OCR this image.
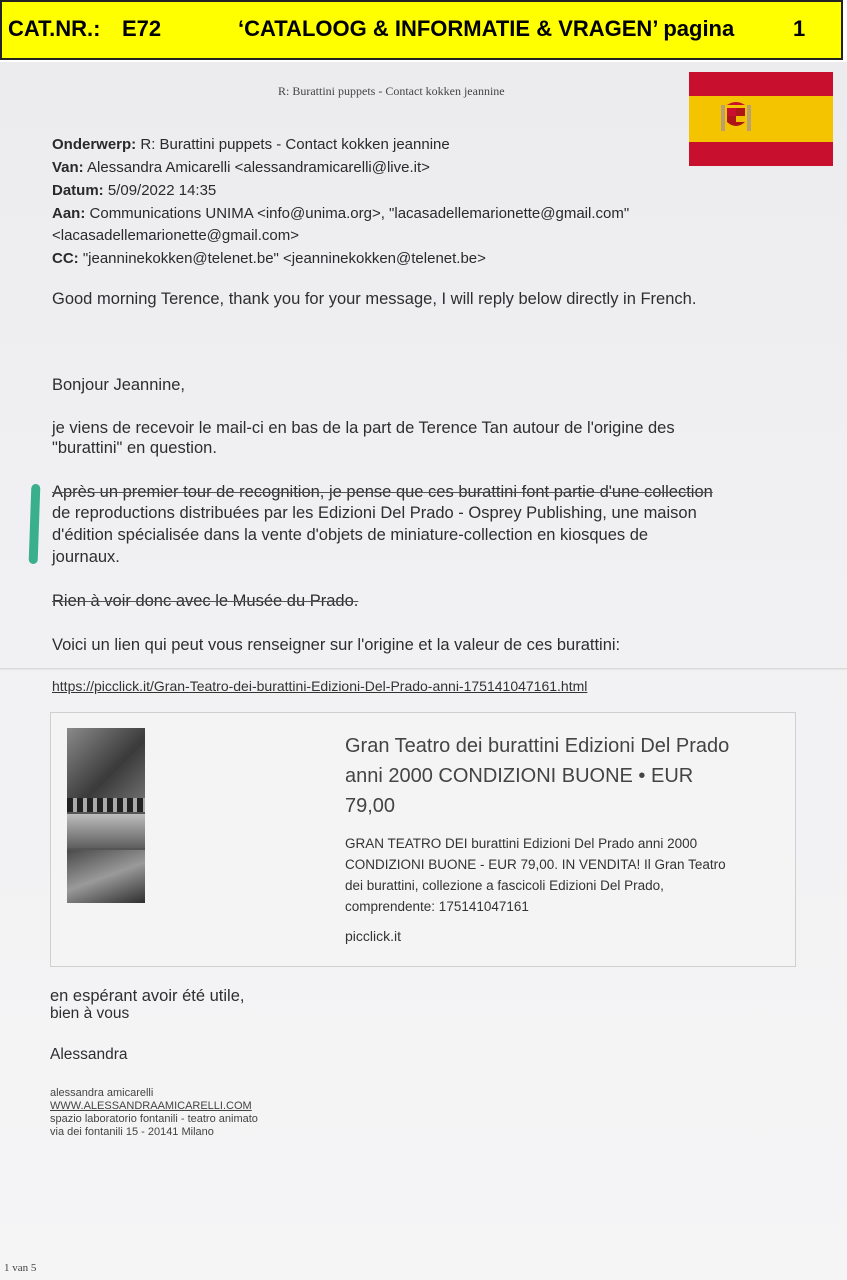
CAT.NR.: E72	‘CATALOOG & INFORMATIE & VRAGEN’ pagina	1
R: Burattini puppets - Contact kokken jeannine
Onderwerp: R: Burattini puppets - Contact kokken jeannine
Van: Alessandra Amicarelli <alessandramicarelli@live.it>
Datum: 5/09/2022 14:35
Aan: Communications UNIMA <info@unima.org>, "lacasadellemarionette@gmail.com"
<lacasadellemarionette@gmail.com>
CC: "jeanninekokken@telenet.be" <jeanninekokken@telenet.be>
Good morning Terence, thank you for your message, I will reply below directly in French.
Bonjour Jeannine,
je viens de recevoir le mail-ci en bas de la part de Terence Tan autour de l'origine des
"burattini" en question.
Après un premier tour de recognition, je pense que ces burattini font partie d'une collection
de reproductions distribuées par les Edizioni Del Prado - Osprey Publishing, une maison
d'édition spécialisée dans la vente d'objets de miniature-collection en kiosques de
journaux.
Rien à voir donc avec le Musée du Prado.
Voici un lien qui peut vous renseigner sur l'origine et la valeur de ces burattini:
https://picclick.it/Gran-Teatro-dei-burattini-Edizioni-Del-Prado-anni-175141047161.html
Gran Teatro dei burattini Edizioni Del Prado anni 2000 CONDIZIONI BUONE • EUR 79,00
GRAN TEATRO DEI burattini Edizioni Del Prado anni 2000 CONDIZIONI BUONE - EUR 79,00. IN VENDITA! Il Gran Teatro dei burattini, collezione a fascicoli Edizioni Del Prado, comprendente: 175141047161
picclick.it
en espérant avoir été utile,
bien à vous
Alessandra
alessandra amicarelli
WWW.ALESSANDRAAMICARELLI.COM
spazio laboratorio fontanili - teatro animato
via dei fontanili 15 - 20141 Milano
1 van 5
